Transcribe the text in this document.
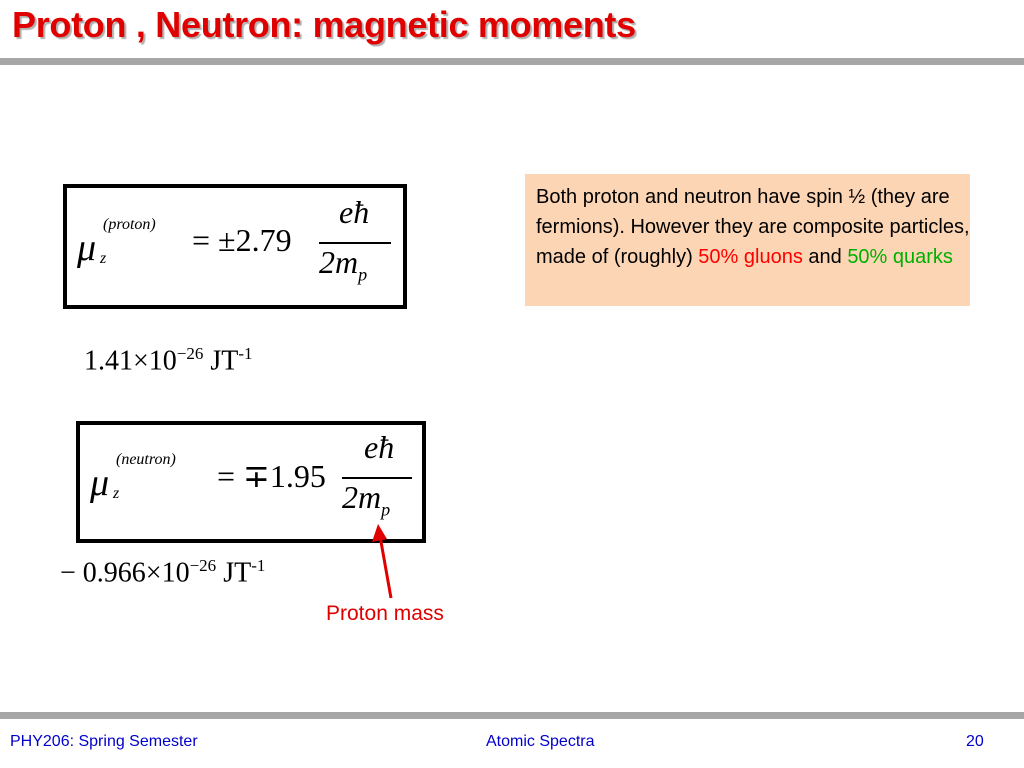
Proton , Neutron: magnetic moments
μ
(proton)
z
= ±2.79
eħ
$2m_p$
$1.41\times 10^{-26}$ $JT^{-1}$
μ
(neutron)
z	= ∓1.95
eħ
$2m_p$
− $0.966\times 10^{-26}$ $JT^{-1}$
Both proton and neutron have spin ½ (they are fermions). However they are composite particles, made of (roughly) 50% gluons and 50% quarks
Proton mass
PHY206: Spring Semester	Atomic Spectra	20
